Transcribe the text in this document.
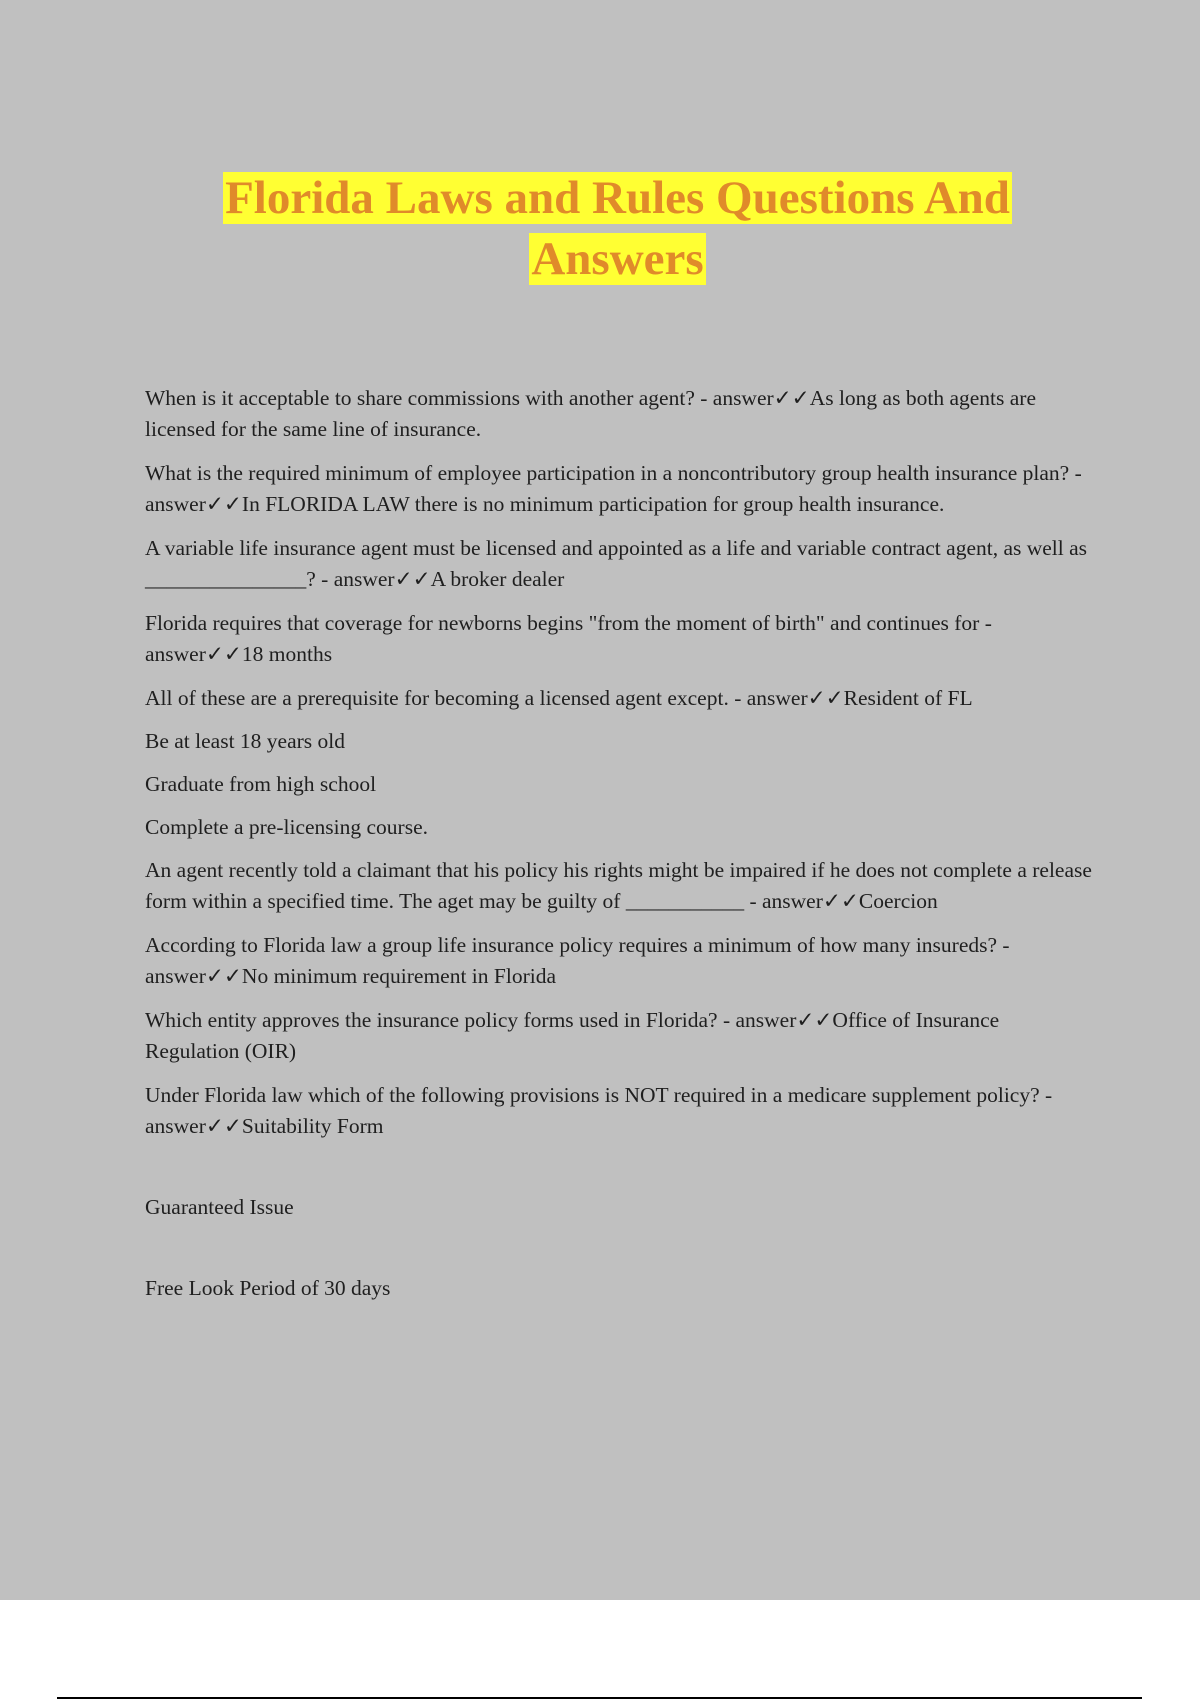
Florida Laws and Rules Questions And
Answers

When is it acceptable to share commissions with another agent? - answer✓✓As long as both agents are licensed for the same line of insurance.

What is the required minimum of employee participation in a noncontributory group health insurance plan? - answer✓✓In FLORIDA LAW there is no minimum participation for group health insurance.

A variable life insurance agent must be licensed and appointed as a life and variable contract agent, as well as _______________? - answer✓✓A broker dealer

Florida requires that coverage for newborns begins "from the moment of birth" and continues for - answer✓✓18 months

All of these are a prerequisite for becoming a licensed agent except. - answer✓✓Resident of FL

Be at least 18 years old

Graduate from high school

Complete a pre-licensing course.

An agent recently told a claimant that his policy his rights might be impaired if he does not complete a release form within a specified time. The aget may be guilty of ___________ - answer✓✓Coercion

According to Florida law a group life insurance policy requires a minimum of how many insureds? - answer✓✓No minimum requirement in Florida

Which entity approves the insurance policy forms used in Florida? - answer✓✓Office of Insurance Regulation (OIR)

Under Florida law which of the following provisions is NOT required in a medicare supplement policy? - answer✓✓Suitability Form

Guaranteed Issue

Free Look Period of 30 days
